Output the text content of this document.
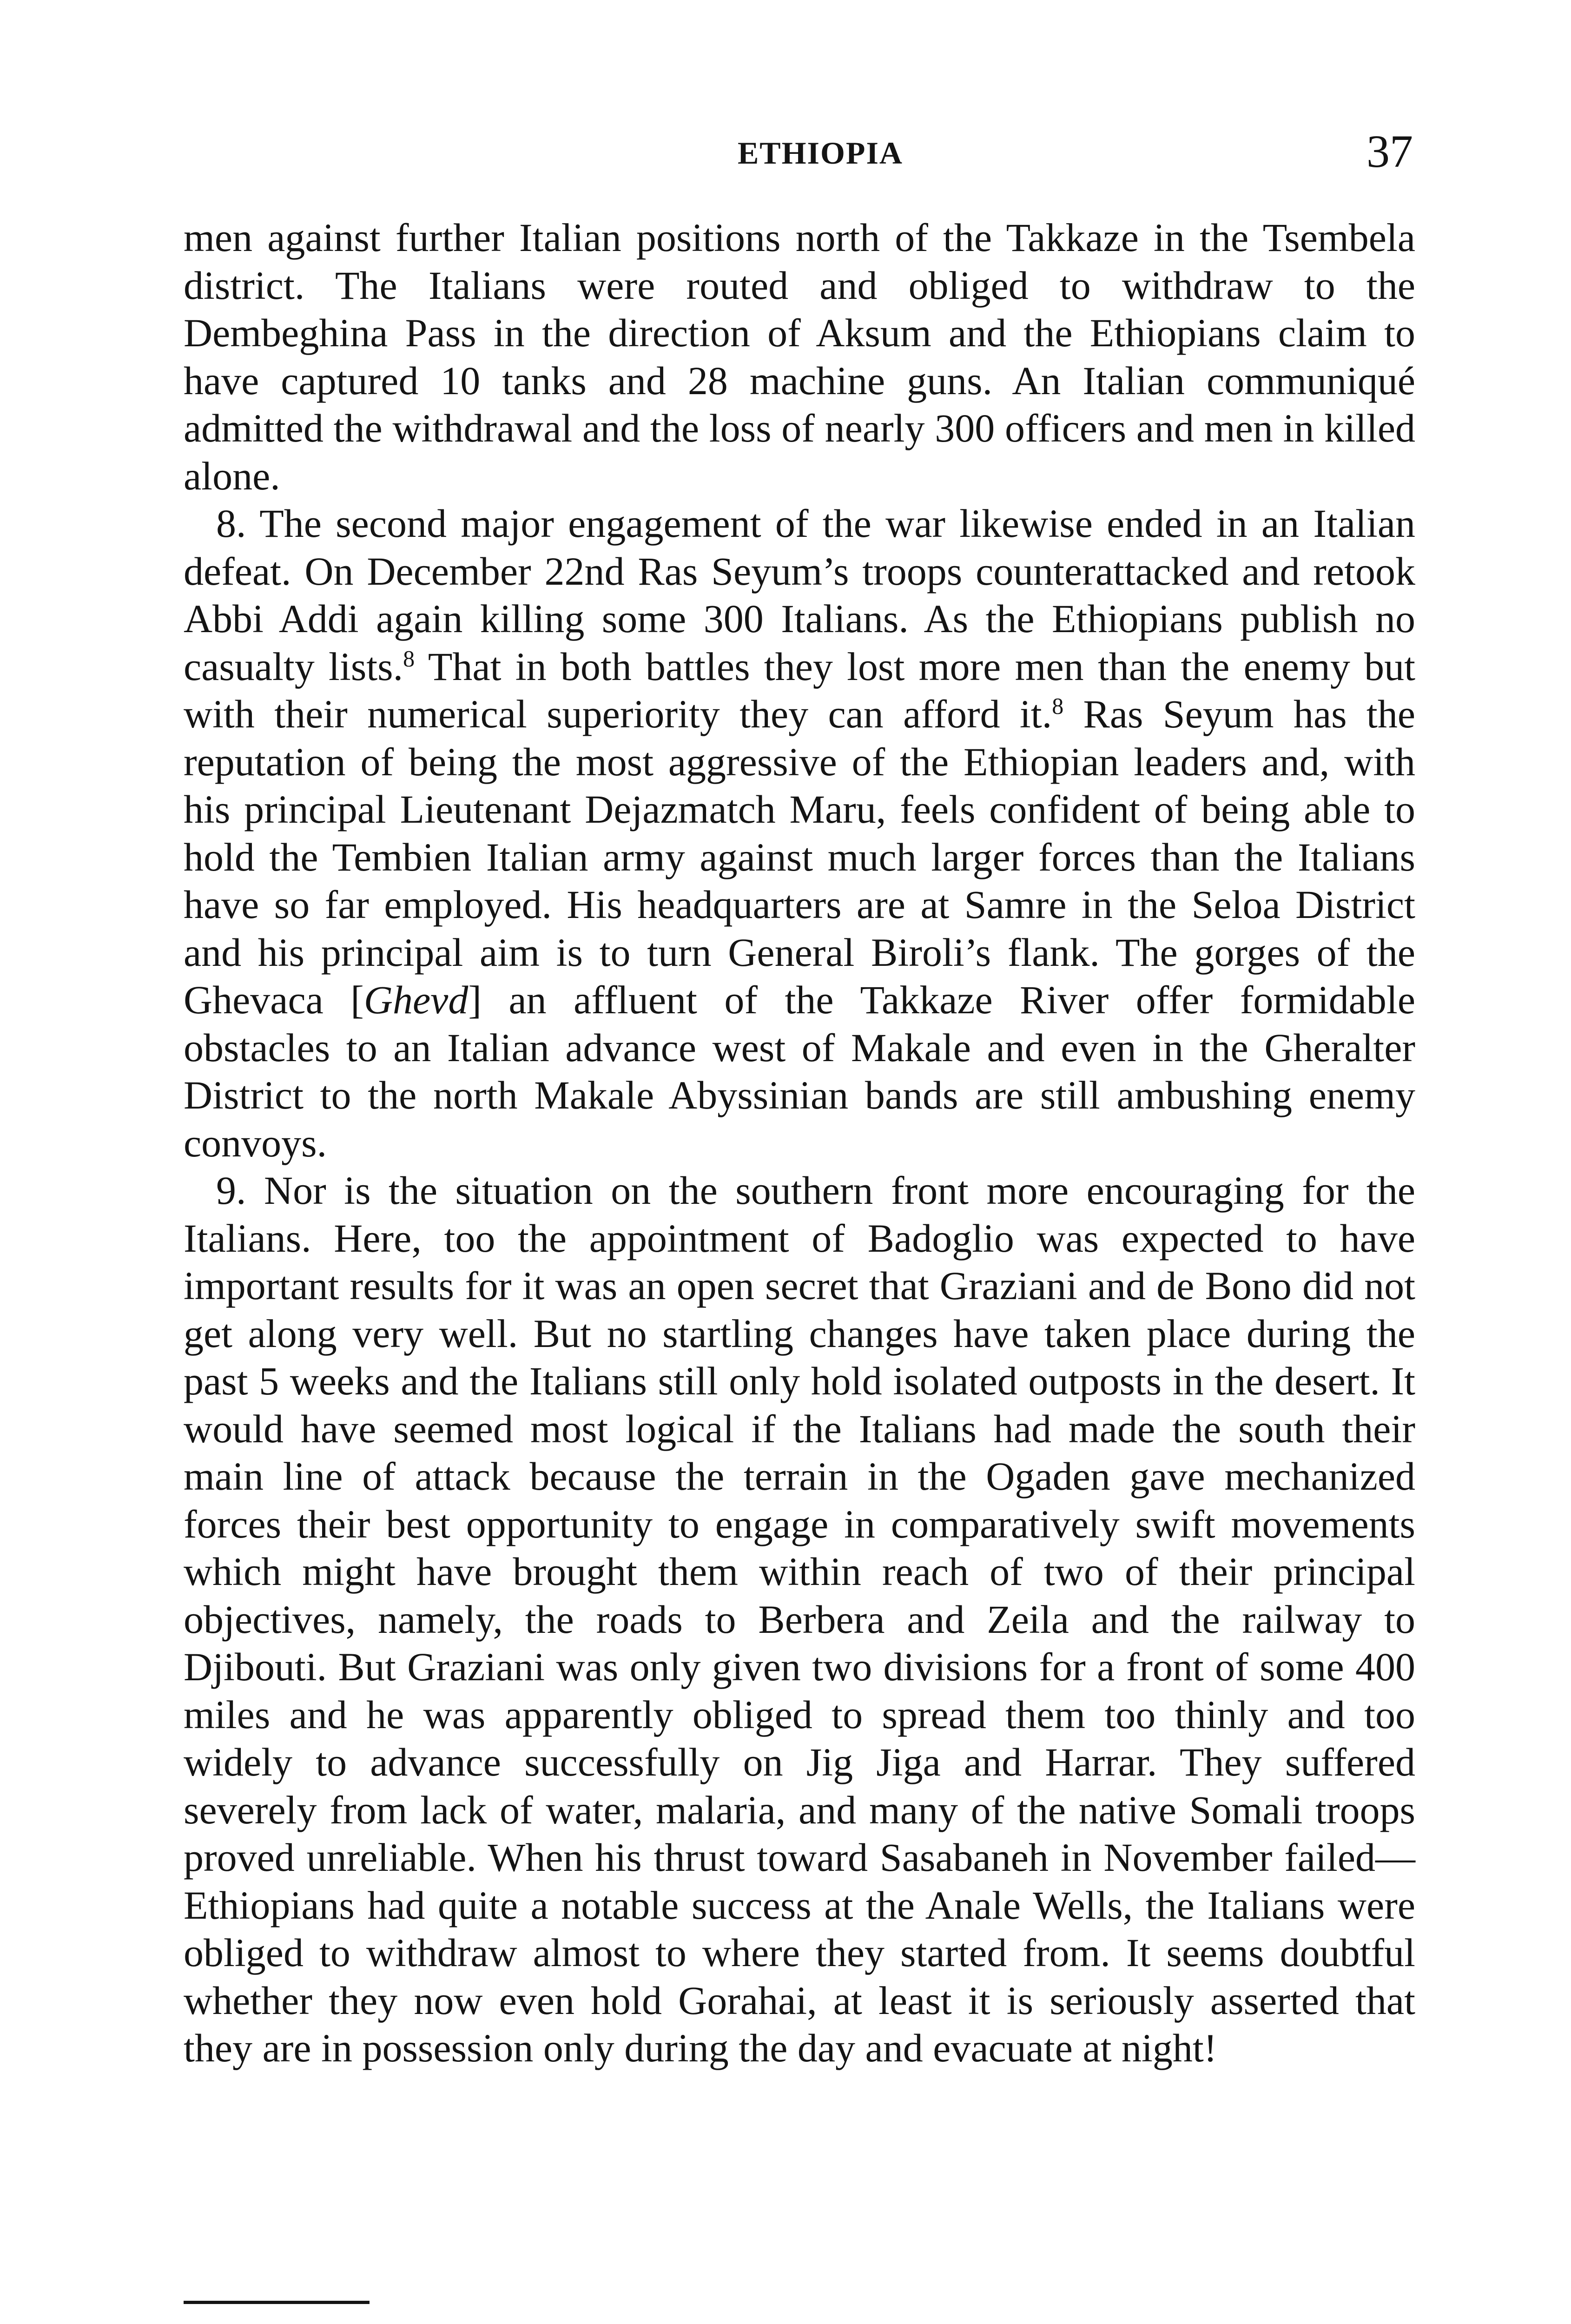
ETHIOPIA	37

men against further Italian positions north of the Takkaze in the Tsembela district. The Italians were routed and obliged to withdraw to the Dembeghina Pass in the direction of Aksum and the Ethiopians claim to have captured 10 tanks and 28 machine guns. An Italian communiqué admitted the withdrawal and the loss of nearly 300 officers and men in killed alone.

8. The second major engagement of the war likewise ended in an Italian defeat. On December 22nd Ras Seyum’s troops counterattacked and retook Abbi Addi again killing some 300 Italians. As the Ethiopians publish no casualty lists.$^8$ That in both battles they lost more men than the enemy but with their numerical superiority they can afford it.$^8$ Ras Seyum has the reputation of being the most aggressive of the Ethiopian leaders and, with his principal Lieutenant Dejazmatch Maru, feels confident of being able to hold the Tembien Italian army against much larger forces than the Italians have so far employed. His headquarters are at Samre in the Seloa District and his principal aim is to turn General Biroli’s flank. The gorges of the Ghevaca [Ghevd] an affluent of the Takkaze River offer formidable obstacles to an Italian advance west of Makale and even in the Gheralter District to the north Makale Abyssinian bands are still ambushing enemy convoys.

9. Nor is the situation on the southern front more encouraging for the Italians. Here, too the appointment of Badoglio was expected to have important results for it was an open secret that Graziani and de Bono did not get along very well. But no startling changes have taken place during the past 5 weeks and the Italians still only hold isolated outposts in the desert. It would have seemed most logical if the Italians had made the south their main line of attack because the terrain in the Ogaden gave mechanized forces their best opportunity to engage in comparatively swift movements which might have brought them within reach of two of their principal objectives, namely, the roads to Berbera and Zeila and the railway to Djibouti. But Graziani was only given two divisions for a front of some 400 miles and he was apparently obliged to spread them too thinly and too widely to advance successfully on Jig Jiga and Harrar. They suffered severely from lack of water, malaria, and many of the native Somali troops proved unreliable. When his thrust toward Sasabaneh in November failed—Ethiopians had quite a notable success at the Anale Wells, the Italians were obliged to withdraw almost to where they started from. It seems doubtful whether they now even hold Gorahai, at least it is seriously asserted that they are in possession only during the day and evacuate at night!
